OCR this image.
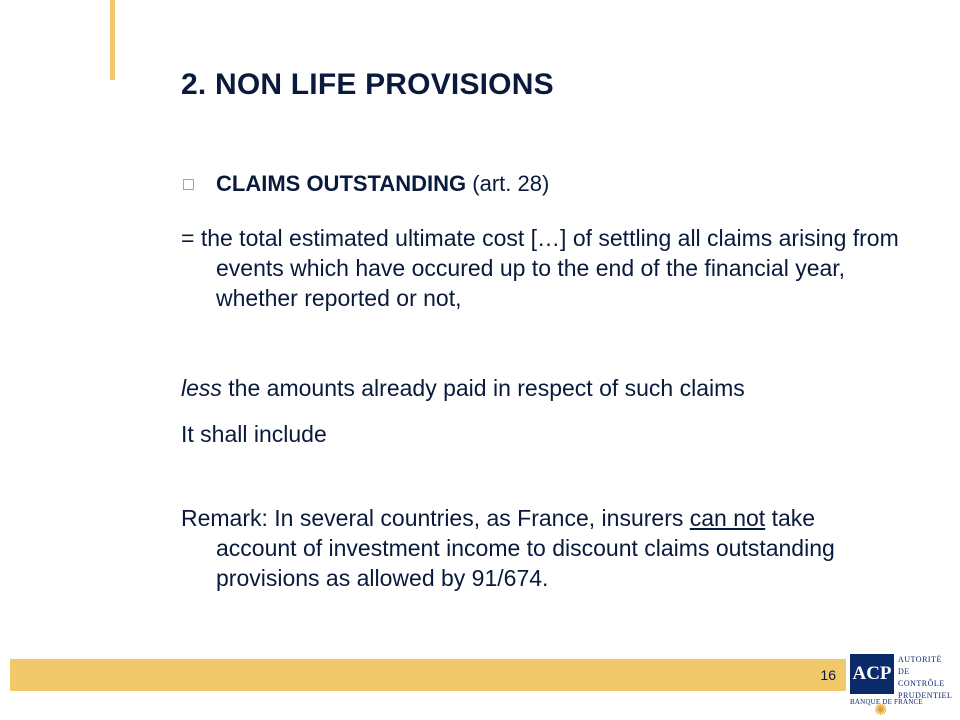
2. NON LIFE PROVISIONS
CLAIMS OUTSTANDING (art. 28)

= the total estimated ultimate cost […] of settling all claims arising from events which have occured up to the end of the financial year, whether reported or not,

less the amounts already paid in respect of such claims

It shall include

Remark: In several countries, as France, insurers can not take account of investment income to discount claims outstanding provisions as allowed by 91/674.

16 ACP
AUTORITÉ
DE CONTRÔLE
PRUDENTIEL
BANQUE DE FRANCE
✺
